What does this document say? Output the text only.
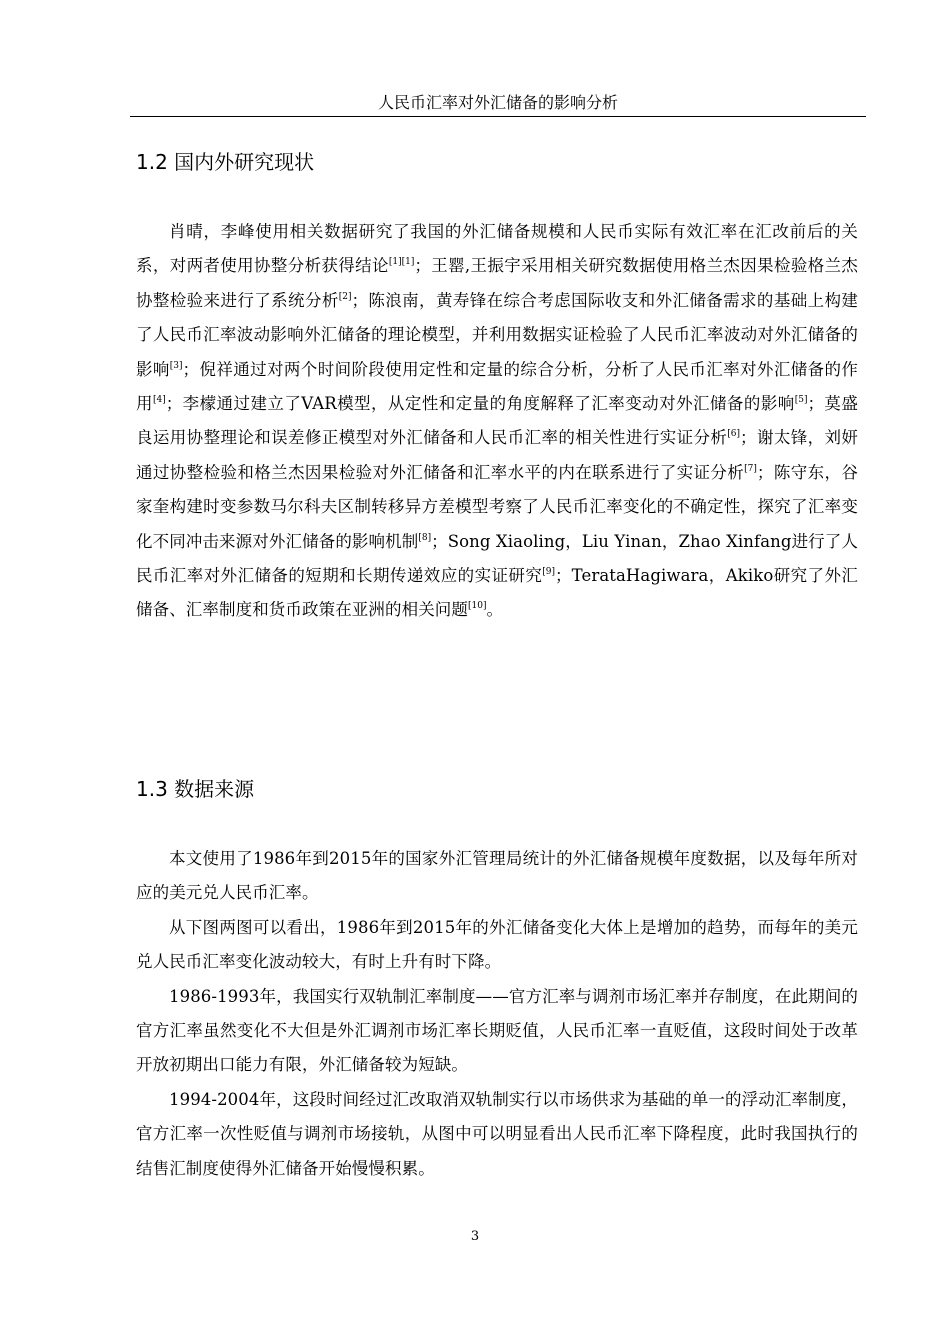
人民币汇率对外汇储备的影响分析
1.2 国内外研究现状

肖晴，李峰使用相关数据研究了我国的外汇储备规模和人民币实际有效汇率在汇改前后的关系，对两者使用协整分析获得结论[1][1]；王罂,王振宇采用相关研究数据使用格兰杰因果检验格兰杰协整检验来进行了系统分析[2]；陈浪南，黄寿锋在综合考虑国际收支和外汇储备需求的基础上构建了人民币汇率波动影响外汇储备的理论模型，并利用数据实证检验了人民币汇率波动对外汇储备的影响[3]；倪祥通过对两个时间阶段使用定性和定量的综合分析，分析了人民币汇率对外汇储备的作用[4]；李檬通过建立了VAR模型，从定性和定量的角度解释了汇率变动对外汇储备的影响[5]；莫盛良运用协整理论和误差修正模型对外汇储备和人民币汇率的相关性进行实证分析[6]；谢太锋，刘妍通过协整检验和格兰杰因果检验对外汇储备和汇率水平的内在联系进行了实证分析[7]；陈守东，谷家奎构建时变参数马尔科夫区制转移异方差模型考察了人民币汇率变化的不确定性，探究了汇率变化不同冲击来源对外汇储备的影响机制[8]；Song Xiaoling，Liu Yinan，Zhao Xinfang进行了人民币汇率对外汇储备的短期和长期传递效应的实证研究[9]；TerataHagiwara，Akiko研究了外汇储备、汇率制度和货币政策在亚洲的相关问题[10]。

1.3 数据来源

本文使用了1986年到2015年的国家外汇管理局统计的外汇储备规模年度数据，以及每年所对应的美元兑人民币汇率。

从下图两图可以看出，1986年到2015年的外汇储备变化大体上是增加的趋势，而每年的美元兑人民币汇率变化波动较大，有时上升有时下降。

1986-1993年，我国实行双轨制汇率制度——官方汇率与调剂市场汇率并存制度，在此期间的官方汇率虽然变化不大但是外汇调剂市场汇率长期贬值，人民币汇率一直贬值，这段时间处于改革开放初期出口能力有限，外汇储备较为短缺。

1994-2004年，这段时间经过汇改取消双轨制实行以市场供求为基础的单一的浮动汇率制度，官方汇率一次性贬值与调剂市场接轨，从图中可以明显看出人民币汇率下降程度，此时我国执行的结售汇制度使得外汇储备开始慢慢积累。

3
